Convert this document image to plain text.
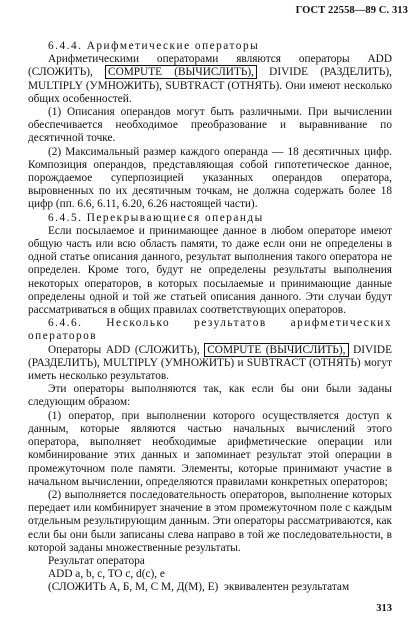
ГОСТ 22558—89 С. 313

6.4.4. Арифметические операторы

Арифметическими операторами являются операторы ADD (СЛОЖИТЬ), COMPUTE (ВЫЧИСЛИТЬ), DIVIDE (РАЗДЕЛИТЬ), MULTIPLY (УМНОЖИТЬ), SUBTRACT (ОТНЯТЬ). Они имеют несколько общих особенностей.

(1) Описания операндов могут быть различными. При вычислении обеспечивается необходимое преобразование и выравнивание по десятичной точке.

(2) Максимальный размер каждого операнда — 18 десятичных цифр. Композиция операндов, представляющая собой гипотетическое данное, порождаемое суперпозицией указанных операндов оператора, выровненных по их десятичным точкам, не должна содержать более 18 цифр (пп. 6.6, 6.11, 6.20, 6.26 настоящей части).

6.4.5. Перекрывающиеся операнды

Если посылаемое и принимающее данное в любом операторе имеют общую часть или всю область памяти, то даже если они не определены в одной статье описания данного, результат выполнения такого оператора не определен. Кроме того, будут не определены результаты выполнения некоторых операторов, в которых посылаемые и принимающие данные определены одной и той же статьей описания данного. Эти случаи будут рассматриваться в общих правилах соответствующих операторов.

6.4.6. Несколько результатов арифметических операторов

Операторы ADD (СЛОЖИТЬ), COMPUTE (ВЫЧИСЛИТЬ), DIVIDE (РАЗДЕЛИТЬ), MULTIPLY (УМНОЖИТЬ) и SUBTRACT (ОТНЯТЬ) могут иметь несколько результатов.

Эти операторы выполняются так, как если бы они были заданы следующим образом:

(1) оператор, при выполнении которого осуществляется доступ к данным, которые являются частью начальных вычислений этого оператора, выполняет необходимые арифметические операции или комбинирование этих данных и запоминает результат этой операции в промежуточном поле памяти. Элементы, которые принимают участие в начальном вычислении, определяются правилами конкретных операторов;

(2) выполняется последовательность операторов, выполнение которых передает или комбинирует значение в этом промежуточном поле с каждым отдельным результирующим данным. Эти операторы рассматриваются, как если бы они были записаны слева направо в той же последовательности, в которой заданы множественные результаты.

Результат оператора

ADD a, b, c, TO c, d(c), e

(СЛОЖИТЬ А, Б, М, С М, Д(М), Е) эквивалентен результатам

313
